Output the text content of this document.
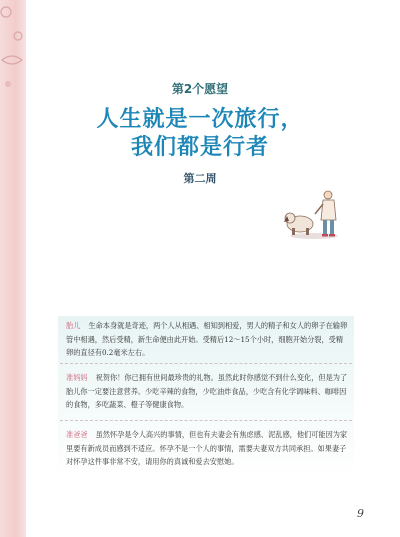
第2个愿望
人生就是一次旅行，
我们都是行者
第二周
胎儿 生命本身就是奇迹，两个人从相遇、相知到相爱，男人的精子和女人的卵子在输卵管中相遇，然后受精，新生命便由此开始。受精后12～15个小时，细胞开始分裂，受精卵的直径有0.2毫米左右。
准妈妈 祝贺你！你已拥有世间最珍贵的礼物。虽然此时你感觉不到什么变化，但是为了胎儿你一定要注意营养。少吃辛辣的食物，少吃油炸食品，少吃含有化学调味料、咖啡因的食物，多吃蔬菜、橙子等健康食物。
准爸爸 虽然怀孕是令人高兴的事情，但也有夫妻会有焦虑感、泥乱感，他们可能因为家里要有新成员而感到不适应。怀孕不是一个人的事情，需要夫妻双方共同承担。如果妻子对怀孕这件事非常不安，请用你的真诚和爱去安慰她。
9
